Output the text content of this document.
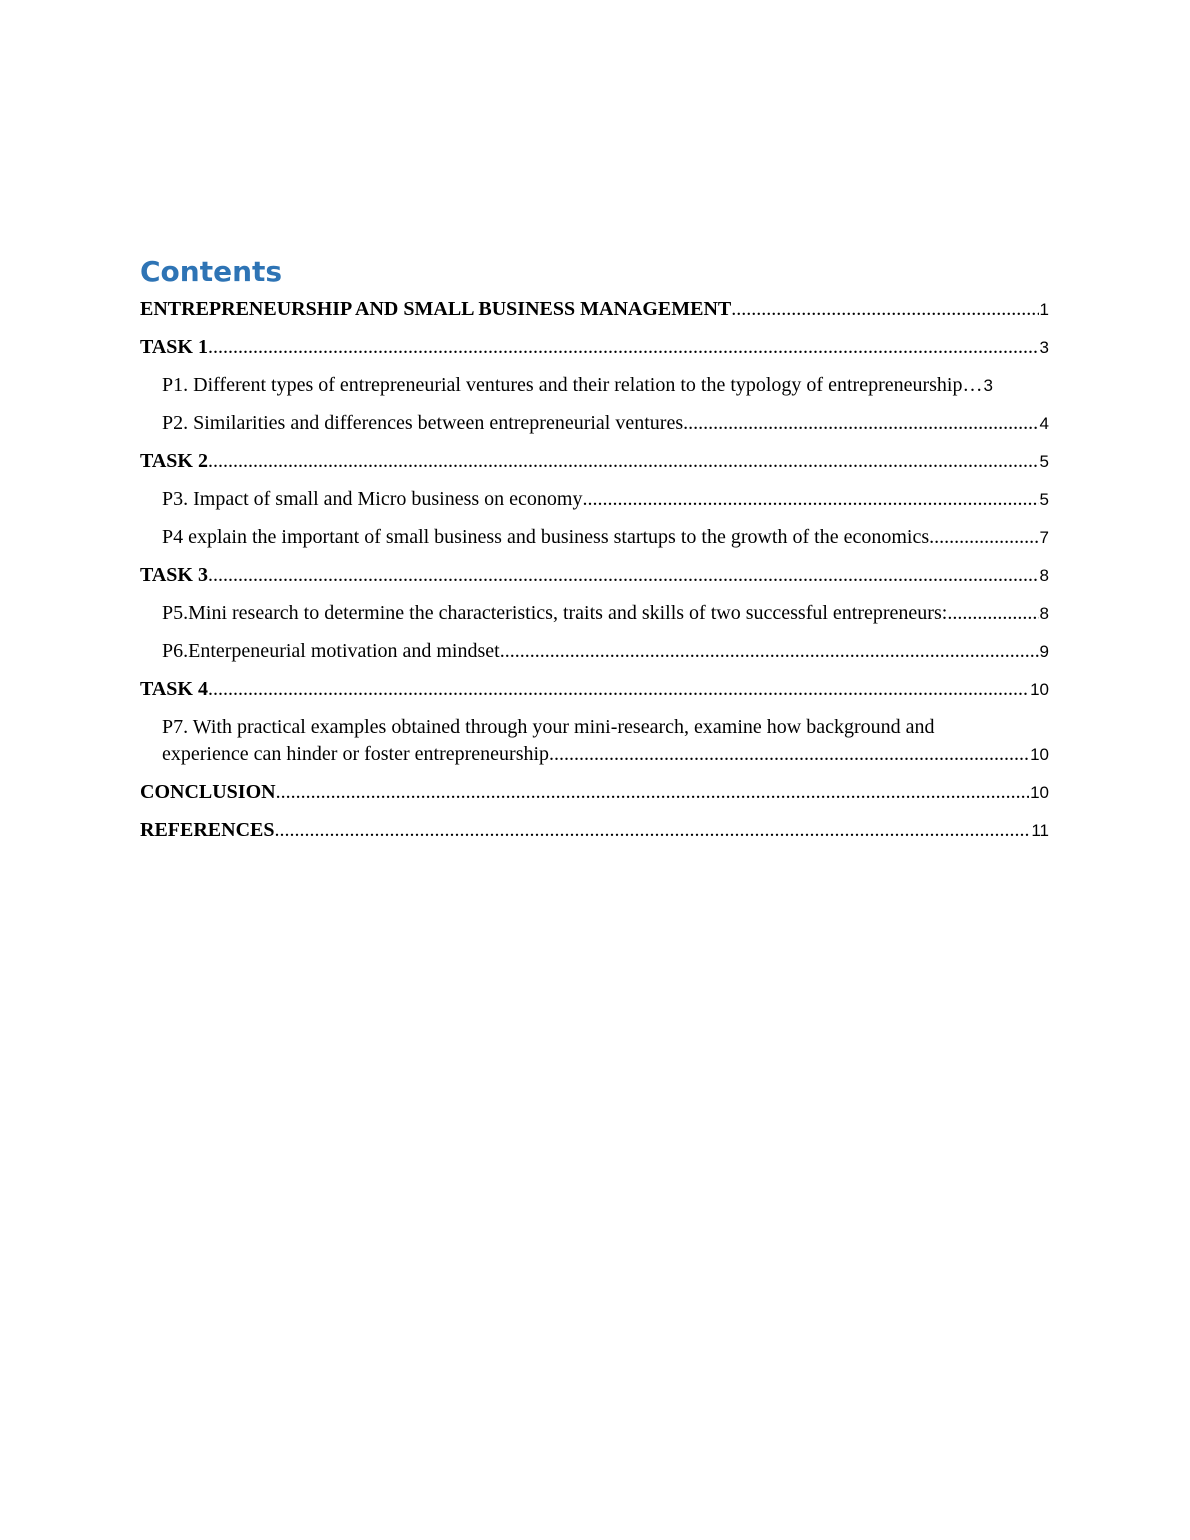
Contents
ENTREPRENEURSHIP AND SMALL BUSINESS MANAGEMENT .....	1
TASK 1 .....	3
P1. Different types of entrepreneurial ventures and their relation to the typology of entrepreneurship… 3
P2. Similarities and differences between entrepreneurial ventures .....	4
TASK 2 .....	5
P3. Impact of small and Micro business on economy .....	5
P4 explain the important of small business and business startups to the growth of the economics. .....	7
TASK 3 .....	8
P5.Mini research to determine the characteristics, traits and skills of two successful entrepreneurs: .....	8
P6.Enterpeneurial motivation and mindset .....	9
TASK 4 .....	10
P7. With practical examples obtained through your mini-research, examine how background and
experience can hinder or foster entrepreneurship. .....	10
CONCLUSION .....	10
REFERENCES .....	11
